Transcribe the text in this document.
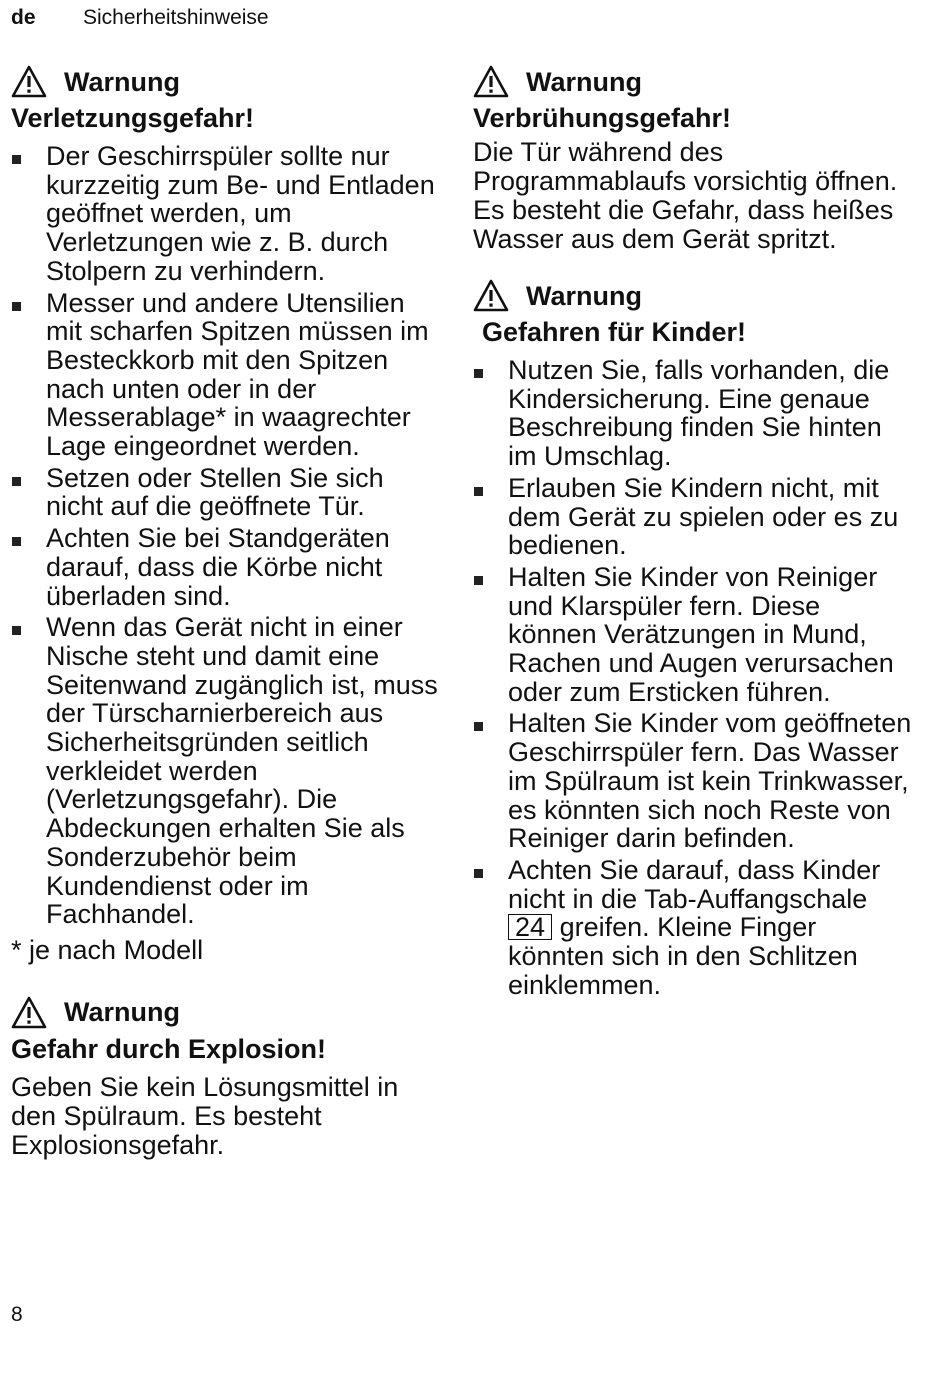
de Sicherheitshinweise
Warnung
Verletzungsgefahr!
Der Geschirrspüler sollte nur kurzzeitig zum Be- und Entladen geöffnet werden, um Verletzungen wie z. B. durch Stolpern zu verhindern.
Messer und andere Utensilien mit scharfen Spitzen müssen im Besteckkorb mit den Spitzen nach unten oder in der Messerablage* in waagrechter Lage eingeordnet werden.
Setzen oder Stellen Sie sich nicht auf die geöffnete Tür.
Achten Sie bei Standgeräten darauf, dass die Körbe nicht überladen sind.
Wenn das Gerät nicht in einer Nische steht und damit eine Seitenwand zugänglich ist, muss der Türscharnierbereich aus Sicherheitsgründen seitlich verkleidet werden (Verletzungsgefahr). Die Abdeckungen erhalten Sie als Sonderzubehör beim Kundendienst oder im Fachhandel.
* je nach Modell
Warnung
Gefahr durch Explosion!
Geben Sie kein Lösungsmittel in den Spülraum. Es besteht Explosionsgefahr.
Warnung
Verbrühungsgefahr!
Die Tür während des Programmablaufs vorsichtig öffnen. Es besteht die Gefahr, dass heißes Wasser aus dem Gerät spritzt.
Warnung
Gefahren für Kinder!
Nutzen Sie, falls vorhanden, die Kindersicherung. Eine genaue Beschreibung finden Sie hinten im Umschlag.
Erlauben Sie Kindern nicht, mit dem Gerät zu spielen oder es zu bedienen.
Halten Sie Kinder von Reiniger und Klarspüler fern. Diese können Verätzungen in Mund, Rachen und Augen verursachen oder zum Ersticken führen.
Halten Sie Kinder vom geöffneten Geschirrspüler fern. Das Wasser im Spülraum ist kein Trinkwasser, es könnten sich noch Reste von Reiniger darin befinden.
Achten Sie darauf, dass Kinder nicht in die Tab-Auffangschale 24 greifen. Kleine Finger könnten sich in den Schlitzen einklemmen.
8
